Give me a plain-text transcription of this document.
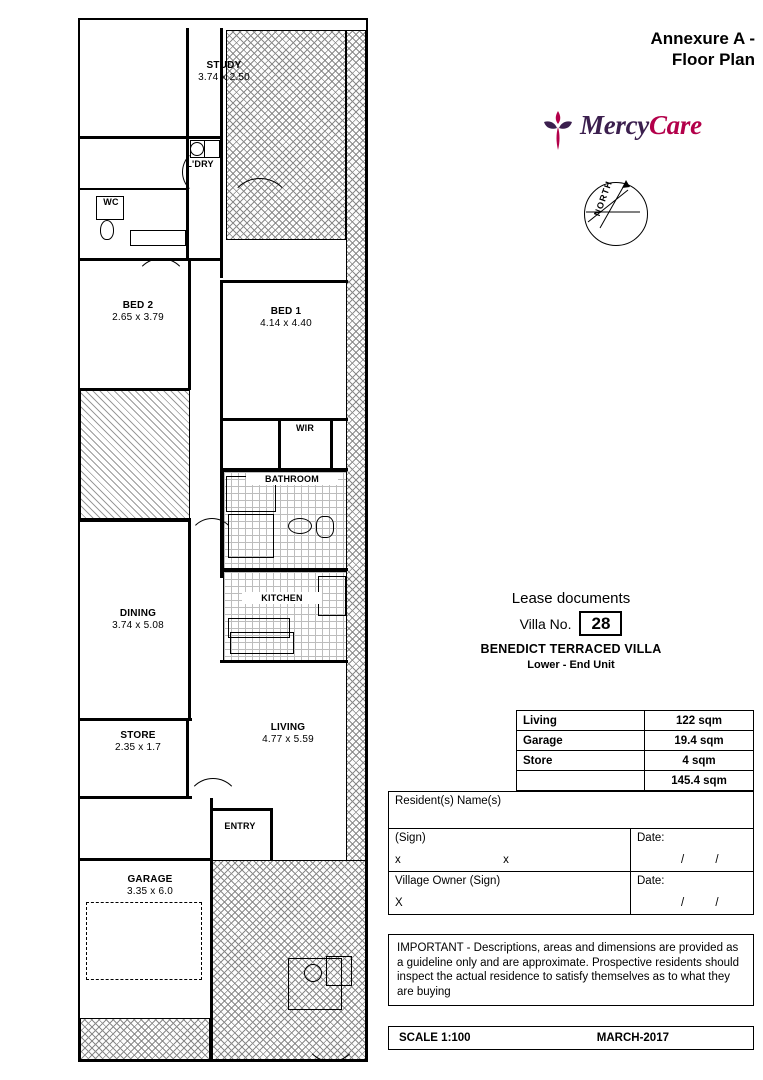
STUDY
3.74 x 2.50
L'DRY
WC
BED 2
2.65 x 3.79
BED 1
4.14 x 4.40
WIR
BATHROOM
KITCHEN
DINING
3.74 x 5.08
LIVING
4.77 x 5.59
STORE
2.35 x 1.7
ENTRY
GARAGE
3.35 x 6.0
Annexure A -
Floor Plan
MercyCare
NORTH
Lease documents
Villa No.	28
BENEDICT TERRACED VILLA
Lower - End Unit
Living	122 sqm
Garage	19.4 sqm
Store	4 sqm
	145.4 sqm
Resident(s) Name(s)	

(Sign)
x	x

Date:
/ /

Village Owner (Sign)
X

Date:
/ /
IMPORTANT - Descriptions, areas and dimensions are provided as a guideline only and are approximate. Prospective residents should inspect the actual residence to satisfy themselves as to what they are buying
SCALE 1:100	MARCH-2017
